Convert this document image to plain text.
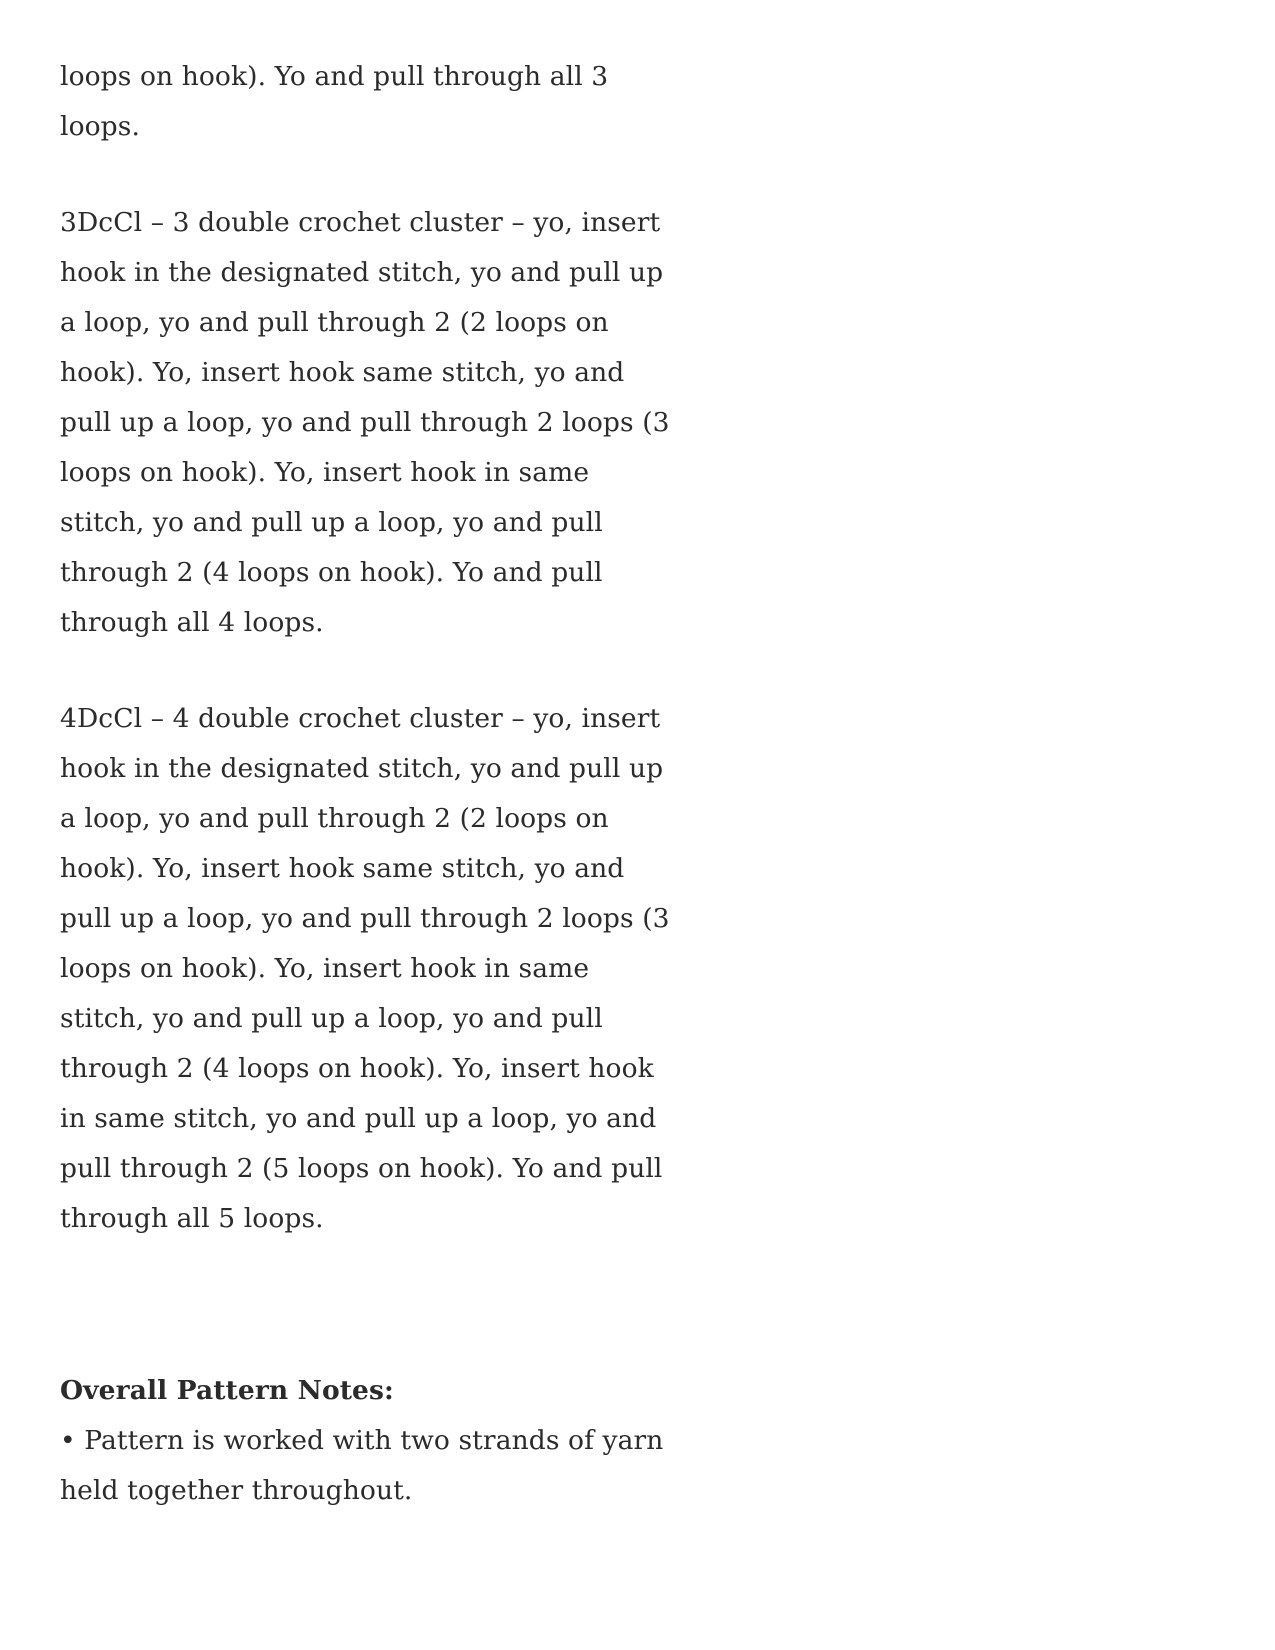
loops on hook). Yo and pull through all 3
loops.

3DcCl – 3 double crochet cluster – yo, insert
hook in the designated stitch, yo and pull up
a loop, yo and pull through 2 (2 loops on
hook). Yo, insert hook same stitch, yo and
pull up a loop, yo and pull through 2 loops (3
loops on hook). Yo, insert hook in same
stitch, yo and pull up a loop, yo and pull
through 2 (4 loops on hook). Yo and pull
through all 4 loops.

4DcCl – 4 double crochet cluster – yo, insert
hook in the designated stitch, yo and pull up
a loop, yo and pull through 2 (2 loops on
hook). Yo, insert hook same stitch, yo and
pull up a loop, yo and pull through 2 loops (3
loops on hook). Yo, insert hook in same
stitch, yo and pull up a loop, yo and pull
through 2 (4 loops on hook). Yo, insert hook
in same stitch, yo and pull up a loop, yo and
pull through 2 (5 loops on hook). Yo and pull
through all 5 loops.

Overall Pattern Notes:
• Pattern is worked with two strands of yarn
held together throughout.
